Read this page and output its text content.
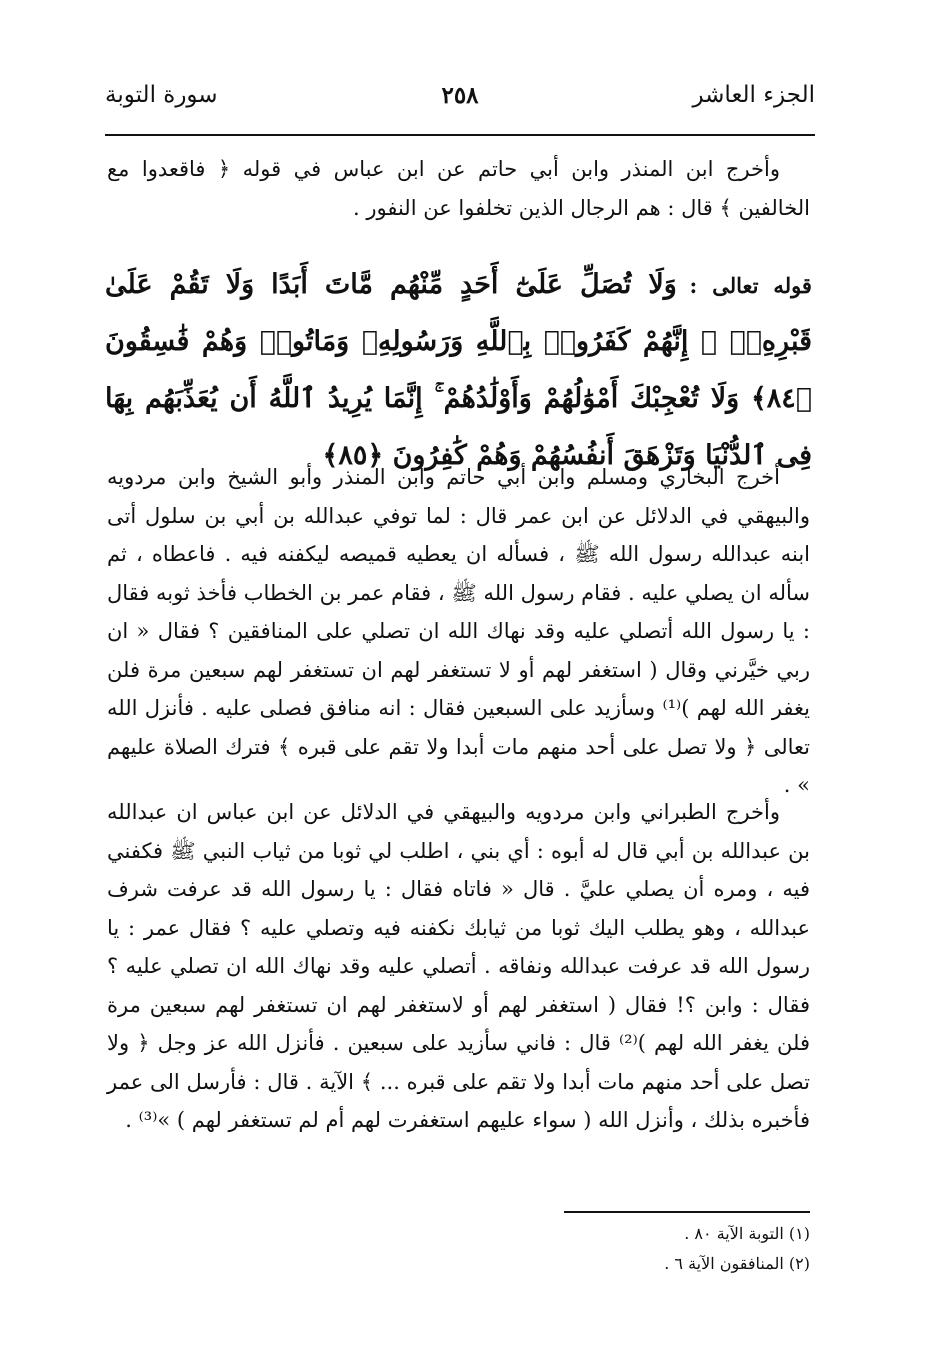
الجزء العاشر
٢٥٨
سورة التوبة

وأخرج ابن المنذر وابن أبي حاتم عن ابن عباس في قوله ﴿ فاقعدوا مع الخالفين ﴾ قال : هم الرجال الذين تخلفوا عن النفور .

قوله تعالى : وَلَا تُصَلِّ عَلَىٰٓ أَحَدٍ مِّنْهُم مَّاتَ أَبَدًا وَلَا تَقُمْ عَلَىٰ قَبْرِهِۦٓ ۖ إِنَّهُمْ كَفَرُوا۟ بِٱللَّهِ وَرَسُولِهِۦ وَمَاتُوا۟ وَهُمْ فَٰسِقُونَ ﴿٨٤﴾ وَلَا تُعْجِبْكَ أَمْوَٰلُهُمْ وَأَوْلَٰدُهُمْ ۚ إِنَّمَا يُرِيدُ ٱللَّهُ أَن يُعَذِّبَهُم بِهَا فِى ٱلدُّنْيَا وَتَزْهَقَ أَنفُسُهُمْ وَهُمْ كَٰفِرُونَ ﴿٨٥﴾

أخرج البخاري ومسلم وابن أبي حاتم وابن المنذر وأبو الشيخ وابن مردويه والبيهقي في الدلائل عن ابن عمر قال : لما توفي عبدالله بن أبي بن سلول أتى ابنه عبدالله رسول الله ﷺ ، فسأله ان يعطيه قميصه ليكفنه فيه . فاعطاه ، ثم سأله ان يصلي عليه . فقام رسول الله ﷺ ، فقام عمر بن الخطاب فأخذ ثوبه فقال : يا رسول الله أتصلي عليه وقد نهاك الله ان تصلي على المنافقين ؟ فقال « ان ربي خيَّرني وقال ( استغفر لهم أو لا تستغفر لهم ان تستغفر لهم سبعين مرة فلن يغفر الله لهم )⁽¹⁾ وسأزيد على السبعين فقال : انه منافق فصلى عليه . فأنزل الله تعالى ﴿ ولا تصل على أحد منهم مات أبدا ولا تقم على قبره ﴾ فترك الصلاة عليهم » .

وأخرج الطبراني وابن مردويه والبيهقي في الدلائل عن ابن عباس ان عبدالله بن عبدالله بن أبي قال له أبوه : أي بني ، اطلب لي ثوبا من ثياب النبي ﷺ فكفني فيه ، ومره أن يصلي عليَّ . قال « فاتاه فقال : يا رسول الله قد عرفت شرف عبدالله ، وهو يطلب اليك ثوبا من ثيابك نكفنه فيه وتصلي عليه ؟ فقال عمر : يا رسول الله قد عرفت عبدالله ونفاقه . أتصلي عليه وقد نهاك الله ان تصلي عليه ؟ فقال : وابن ؟! فقال ( استغفر لهم أو لاستغفر لهم ان تستغفر لهم سبعين مرة فلن يغفر الله لهم )⁽²⁾ قال : فاني سأزيد على سبعين . فأنزل الله عز وجل ﴿ ولا تصل على أحد منهم مات أبدا ولا تقم على قبره ... ﴾ الآية . قال : فأرسل الى عمر فأخبره بذلك ، وأنزل الله ( سواء عليهم استغفرت لهم أم لم تستغفر لهم ) »⁽³⁾ .

(١) التوبة الآية ٨٠ .
(٢) المنافقون الآية ٦ .
